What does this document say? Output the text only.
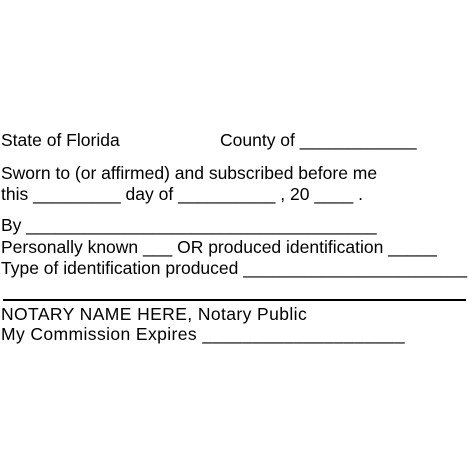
State of Florida	County of ____________
Sworn to (or affirmed) and subscribed before me
this _________ day of __________ , 20 ____ .
By ____________________________________
Personally known ___ OR produced identification _____
Type of identification produced _______________________
NOTARY NAME HERE, Notary Public
My Commission Expires ____________________
